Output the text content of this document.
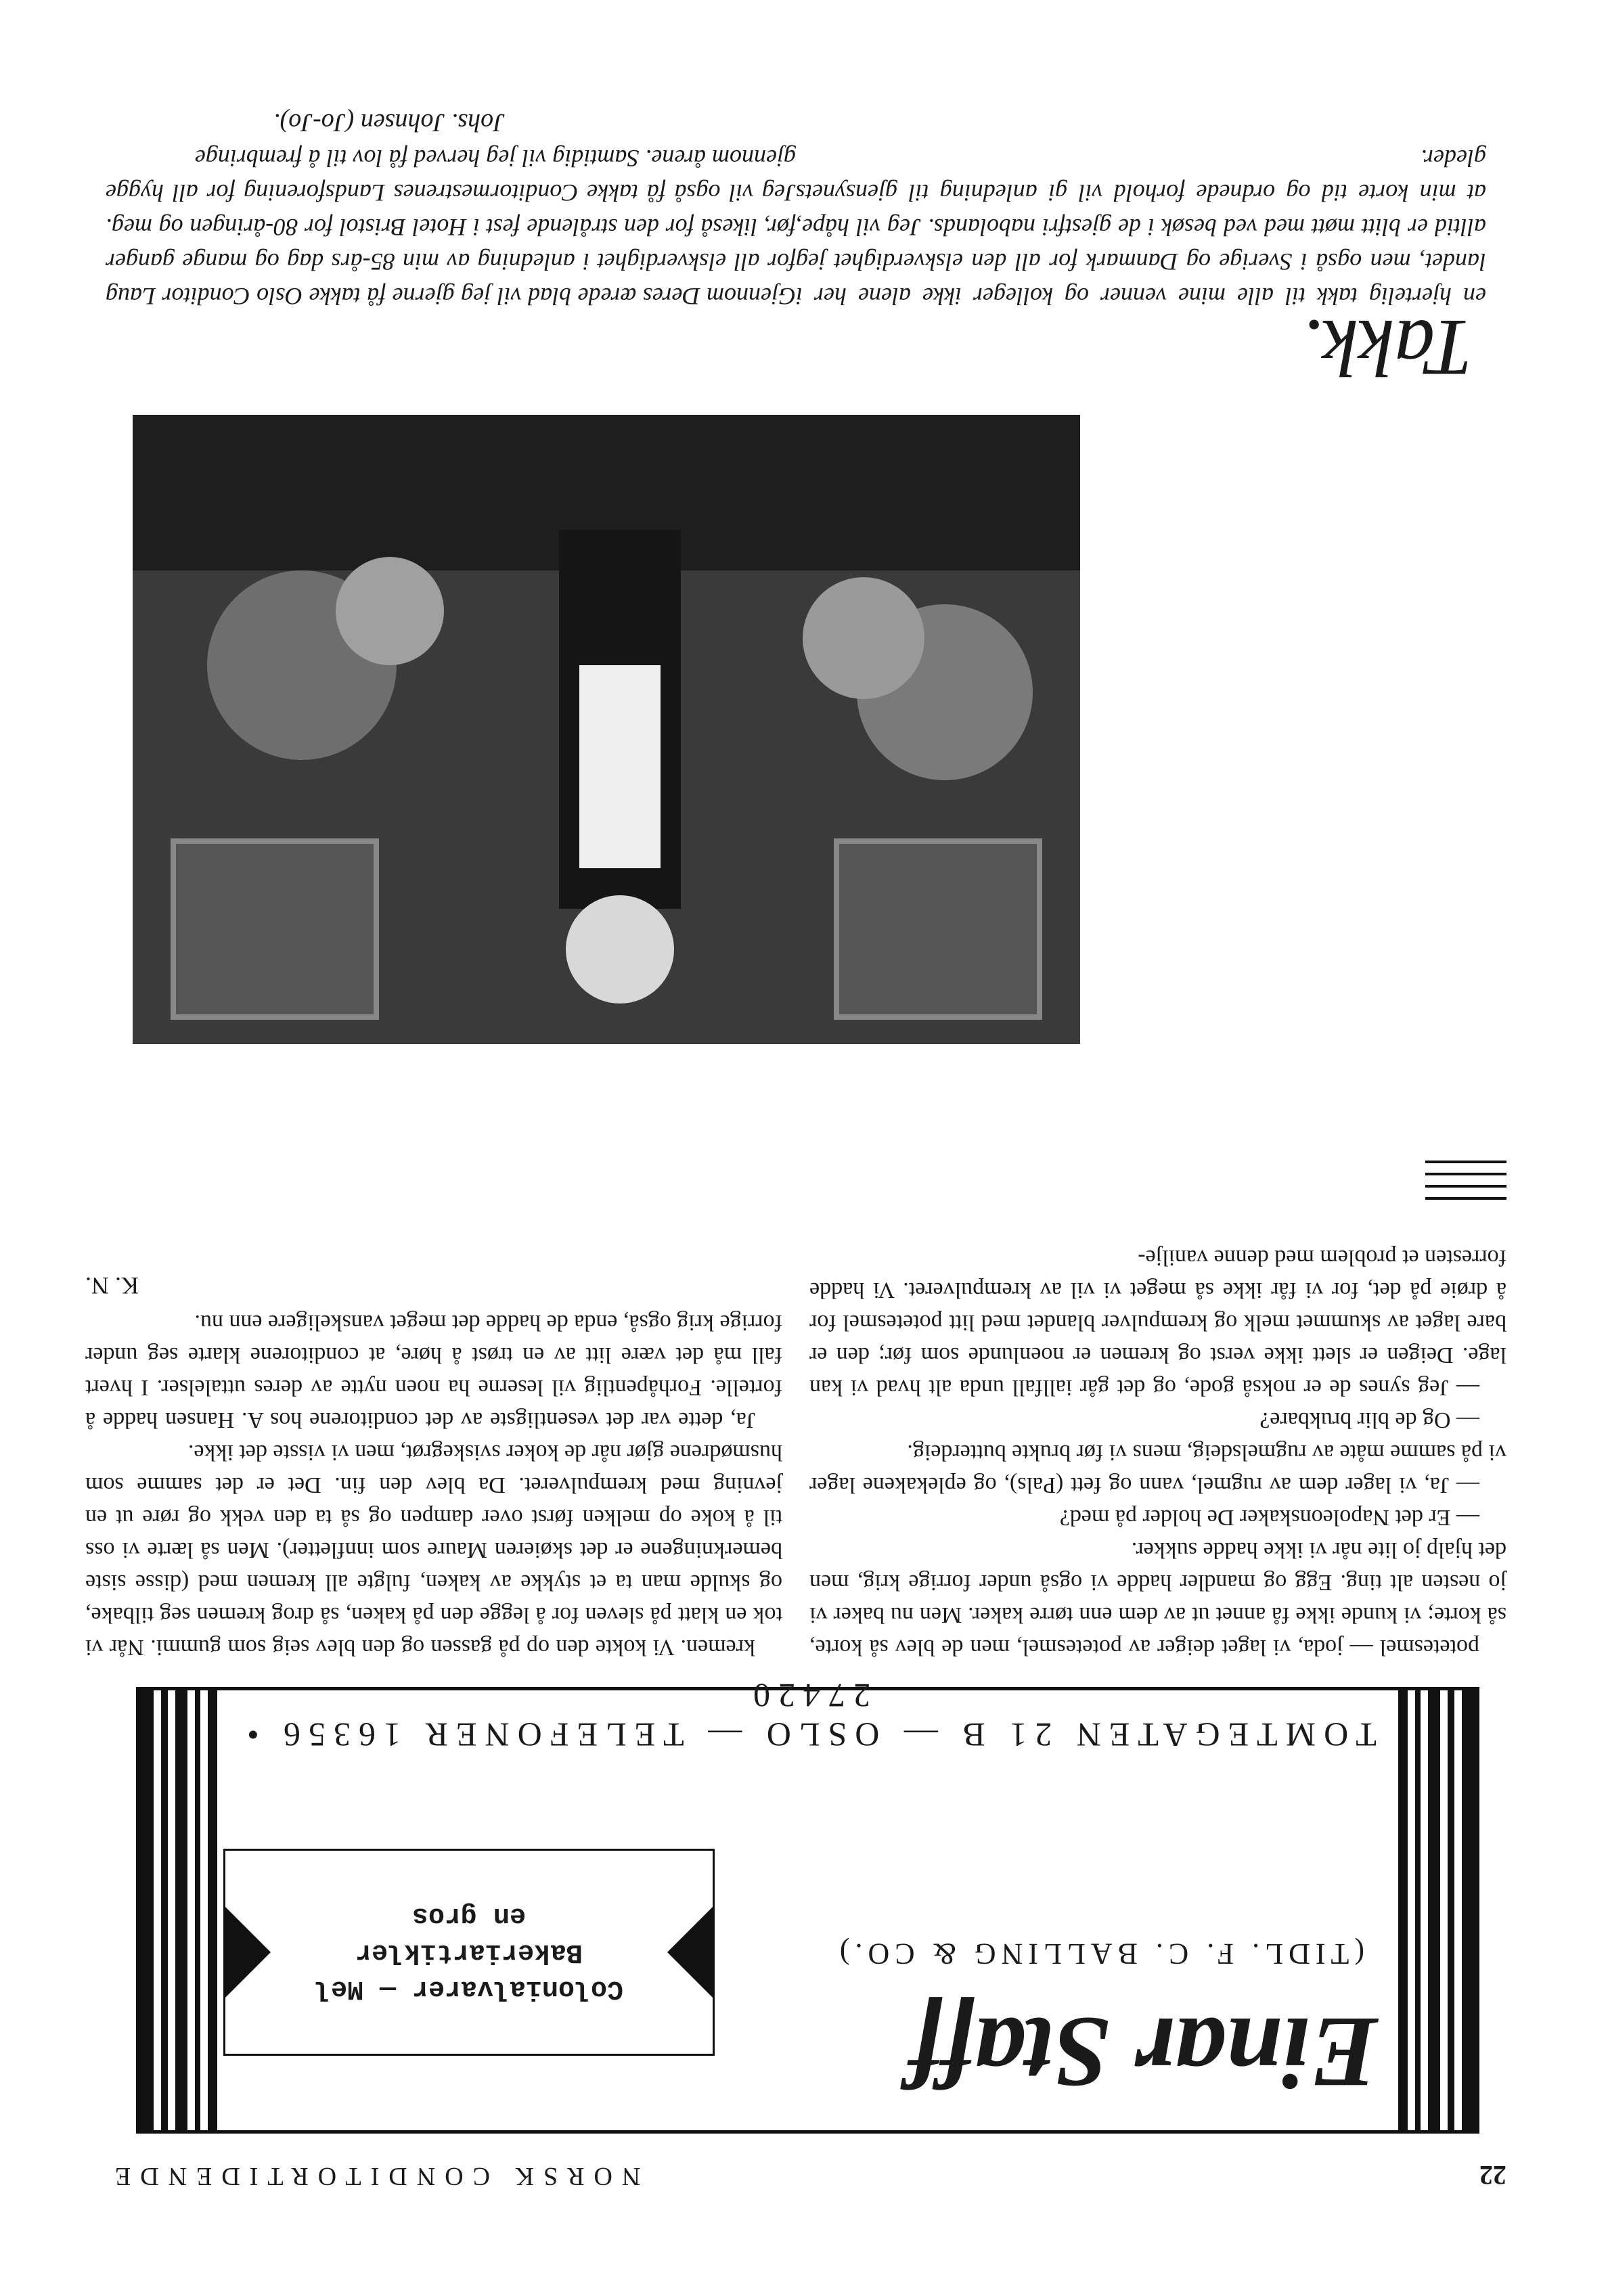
22
NORSK CONDITORTIDENDE
Einar Staff
(TIDL. F. C. BALLING & CO.)
Colonialvarer — Mel
Bakeriartikler
en gros
TOMTEGATEN 21 B — OSLO — TELEFONER 16356 • 27420

potetesmel — joda, vi laget deiger av potetesmel, men de blev så korte, så korte; vi kunde ikke få annet ut av dem enn tørre kaker. Men nu baker vi jo nesten alt ting. Egg og mandler hadde vi også under forrige krig, men det hjalp jo lite når vi ikke hadde sukker.

— Er det Napoleonskaker De holder på med?

— Ja, vi lager dem av rugmel, vann og fett (Pals), og eplekakene lager vi på samme måte av rugmelsdeig, mens vi før brukte butterdeig.

— Og de blir brukbare?

— Jeg synes de er nokså gode, og det går iallfall unda alt hvad vi kan lage. Deigen er slett ikke verst og kremen er noenlunde som før; den er bare laget av skummet melk og krempulver blandet med litt potetesmel for å drøie på det, for vi får ikke så meget vi vil av krempulveret. Vi hadde forresten et problem med denne vanilje-

kremen. Vi kokte den op på gassen og den blev seig som gummi. Når vi tok en klatt på sleven for å legge den på kaken, så drog kremen seg tilbake, og skulde man ta et stykke av kaken, fulgte all kremen med (disse siste bemerkningene er det skøieren Maure som innfletter). Men så lærte vi oss til å koke op melken først over dampen og så ta den vekk og røre ut en jevning med krempulveret. Da blev den fin. Det er det samme som husmødrene gjør når de koker sviskegrøt, men vi visste det ikke.

Ja, dette var det vesentligste av det conditorene hos A. Hansen hadde å fortelle. Forhåpentlig vil leserne ha noen nytte av deres uttalelser. I hvert fall må det være litt av en trøst å høre, at conditorene klarte seg under forrige krig også, enda de hadde det meget vanskeligere enn nu.

K. N.
Takk.
en hjertelig takk til alle mine venner og kolleger ikke alene her i landet, men også i Sverige og Danmark for all den elskverdighet jeg alltid er blitt møtt med ved besøk i de gjestfri nabolands. Jeg vil håpe, at min korte tid og ordnede forhold vil gi anledning til gjensynets gleder.
Gjennom Deres ærede blad vil jeg gjerne få takke Oslo Conditor Laug for all elskverdighet i anledning av min 85-års dag og mange ganger før, likeså for den strålende fest i Hotel Bristol for 80-åringen og meg. Jeg vil også få takke Conditormestrenes Landsforening for all hygge gjennom årene. Samtidig vil jeg herved få lov til å frembringe
Johs. Johnsen (Jo-Jo).
